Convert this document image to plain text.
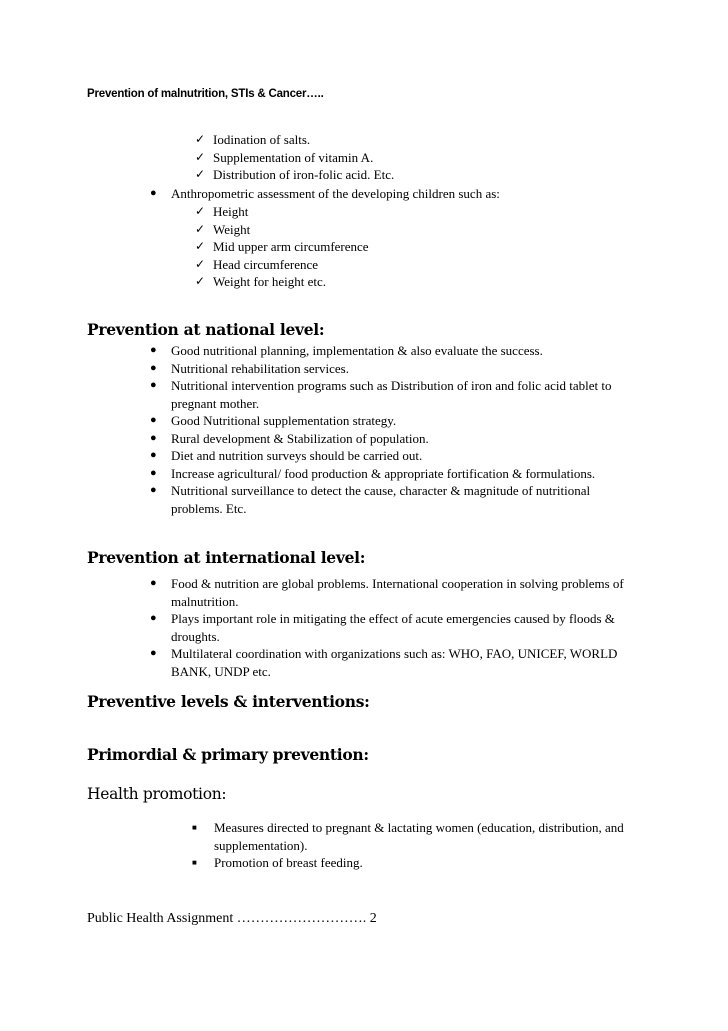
Prevention of malnutrition, STIs & Cancer…..
✓ Iodination of salts.
✓ Supplementation of vitamin A.
✓ Distribution of iron-folic acid. Etc.
● Anthropometric assessment of the developing children such as:
✓ Height
✓ Weight
✓ Mid upper arm circumference
✓ Head circumference
✓ Weight for height etc.
Prevention at national level:
● Good nutritional planning, implementation & also evaluate the success.
● Nutritional rehabilitation services.
● Nutritional intervention programs such as Distribution of iron and folic acid tablet to
pregnant mother.
● Good Nutritional supplementation strategy.
● Rural development & Stabilization of population.
● Diet and nutrition surveys should be carried out.
● Increase agricultural/ food production & appropriate fortification & formulations.
● Nutritional surveillance to detect the cause, character & magnitude of nutritional
problems. Etc.
Prevention at international level:
● Food & nutrition are global problems. International cooperation in solving problems of
malnutrition.
● Plays important role in mitigating the effect of acute emergencies caused by floods &
droughts.
● Multilateral coordination with organizations such as: WHO, FAO, UNICEF, WORLD
BANK, UNDP etc.
Preventive levels & interventions:
Primordial & primary prevention:
Health promotion:
■ Measures directed to pregnant & lactating women (education, distribution, and
supplementation).
■ Promotion of breast feeding.
Public Health Assignment ………………………. 2
